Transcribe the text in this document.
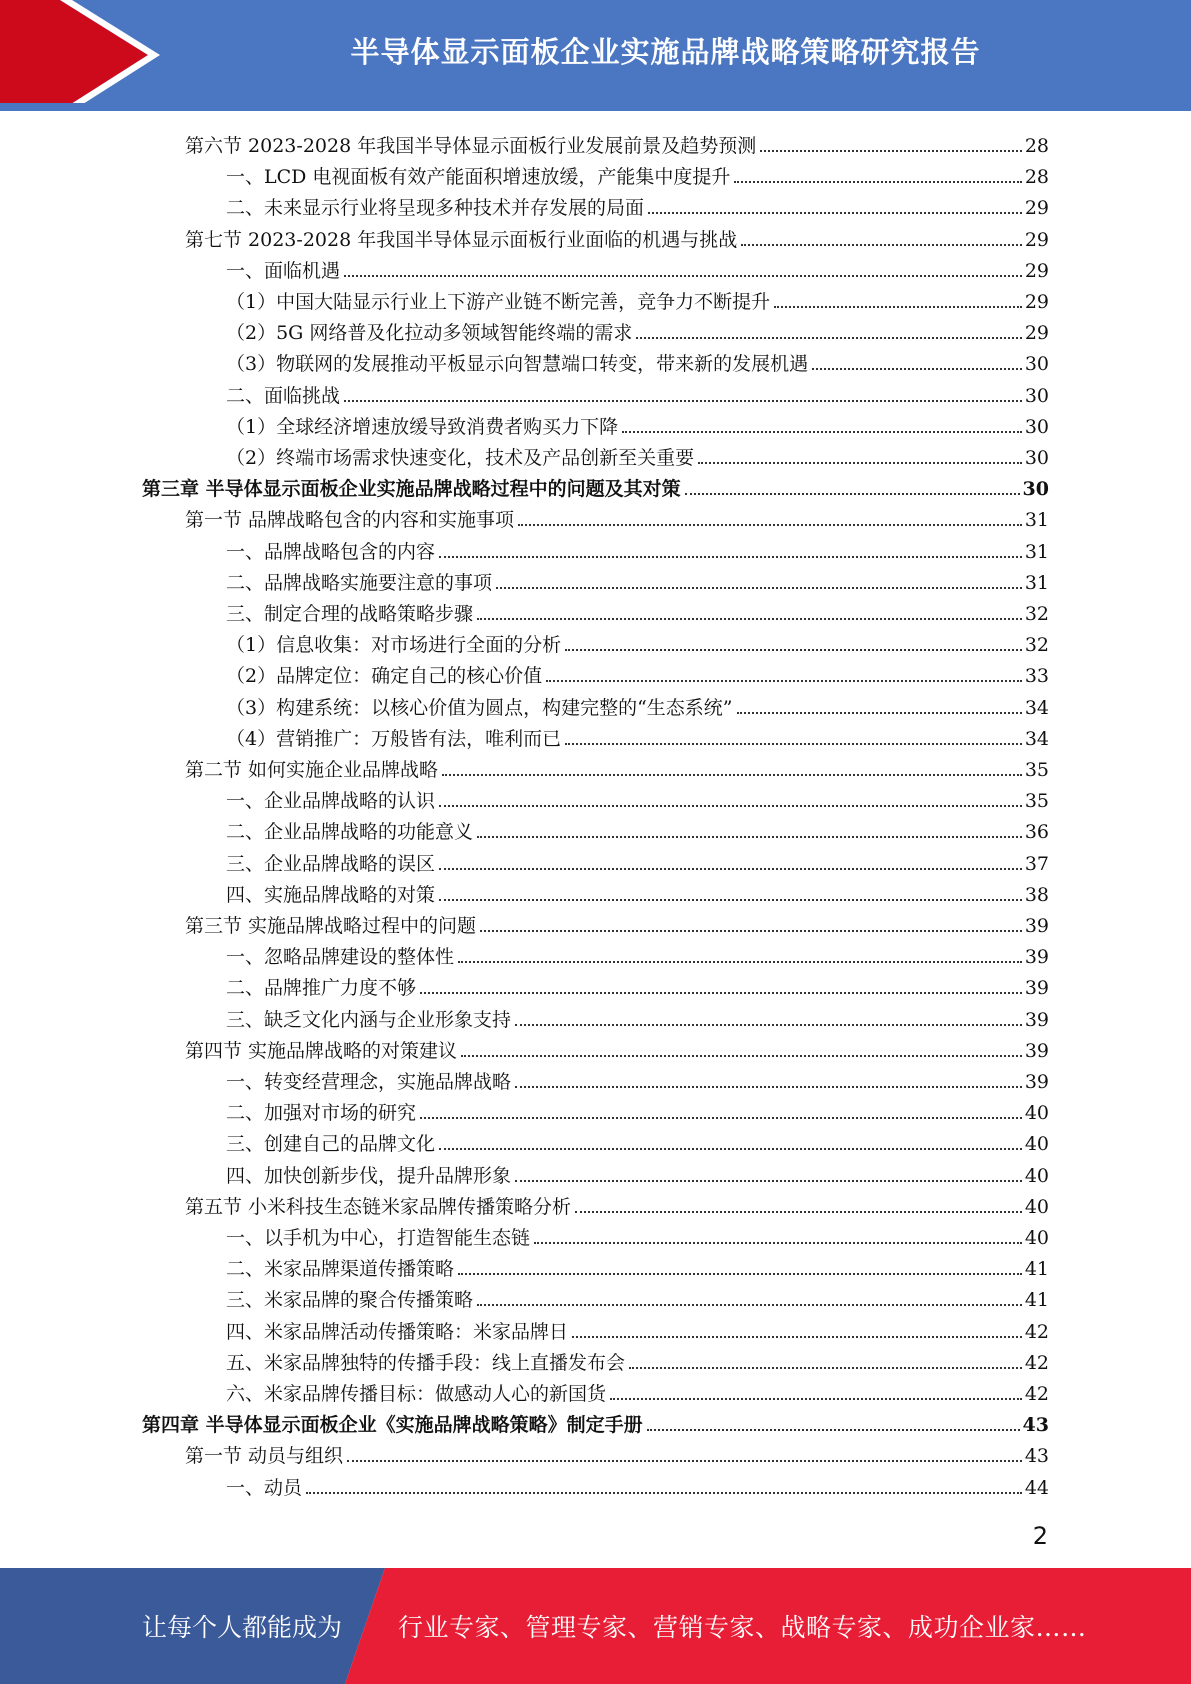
半导体显示面板企业实施品牌战略策略研究报告
第六节 2023-2028 年我国半导体显示面板行业发展前景及趋势预测	28
一、LCD 电视面板有效产能面积增速放缓，产能集中度提升	28
二、未来显示行业将呈现多种技术并存发展的局面	29
第七节 2023-2028 年我国半导体显示面板行业面临的机遇与挑战	29
一、面临机遇	29
（1）中国大陆显示行业上下游产业链不断完善，竞争力不断提升	29
（2）5G 网络普及化拉动多领域智能终端的需求	29
（3）物联网的发展推动平板显示向智慧端口转变，带来新的发展机遇	30
二、面临挑战	30
（1）全球经济增速放缓导致消费者购买力下降	30
（2）终端市场需求快速变化，技术及产品创新至关重要	30
第三章 半导体显示面板企业实施品牌战略过程中的问题及其对策	30
第一节 品牌战略包含的内容和实施事项	31
一、品牌战略包含的内容	31
二、品牌战略实施要注意的事项	31
三、制定合理的战略策略步骤	32
（1）信息收集：对市场进行全面的分析	32
（2）品牌定位：确定自己的核心价值	33
（3）构建系统：以核心价值为圆点，构建完整的“生态系统”	34
（4）营销推广：万般皆有法，唯利而已	34
第二节 如何实施企业品牌战略	35
一、企业品牌战略的认识	35
二、企业品牌战略的功能意义	36
三、企业品牌战略的误区	37
四、实施品牌战略的对策	38
第三节 实施品牌战略过程中的问题	39
一、忽略品牌建设的整体性	39
二、品牌推广力度不够	39
三、缺乏文化内涵与企业形象支持	39
第四节 实施品牌战略的对策建议	39
一、转变经营理念，实施品牌战略	39
二、加强对市场的研究	40
三、创建自己的品牌文化	40
四、加快创新步伐，提升品牌形象	40
第五节 小米科技生态链米家品牌传播策略分析	40
一、以手机为中心，打造智能生态链	40
二、米家品牌渠道传播策略	41
三、米家品牌的聚合传播策略	41
四、米家品牌活动传播策略：米家品牌日	42
五、米家品牌独特的传播手段：线上直播发布会	42
六、米家品牌传播目标：做感动人心的新国货	42
第四章 半导体显示面板企业《实施品牌战略策略》制定手册	43
第一节 动员与组织	43
一、动员	44
2
让每个人都能成为 行业专家、管理专家、营销专家、战略专家、成功企业家……
